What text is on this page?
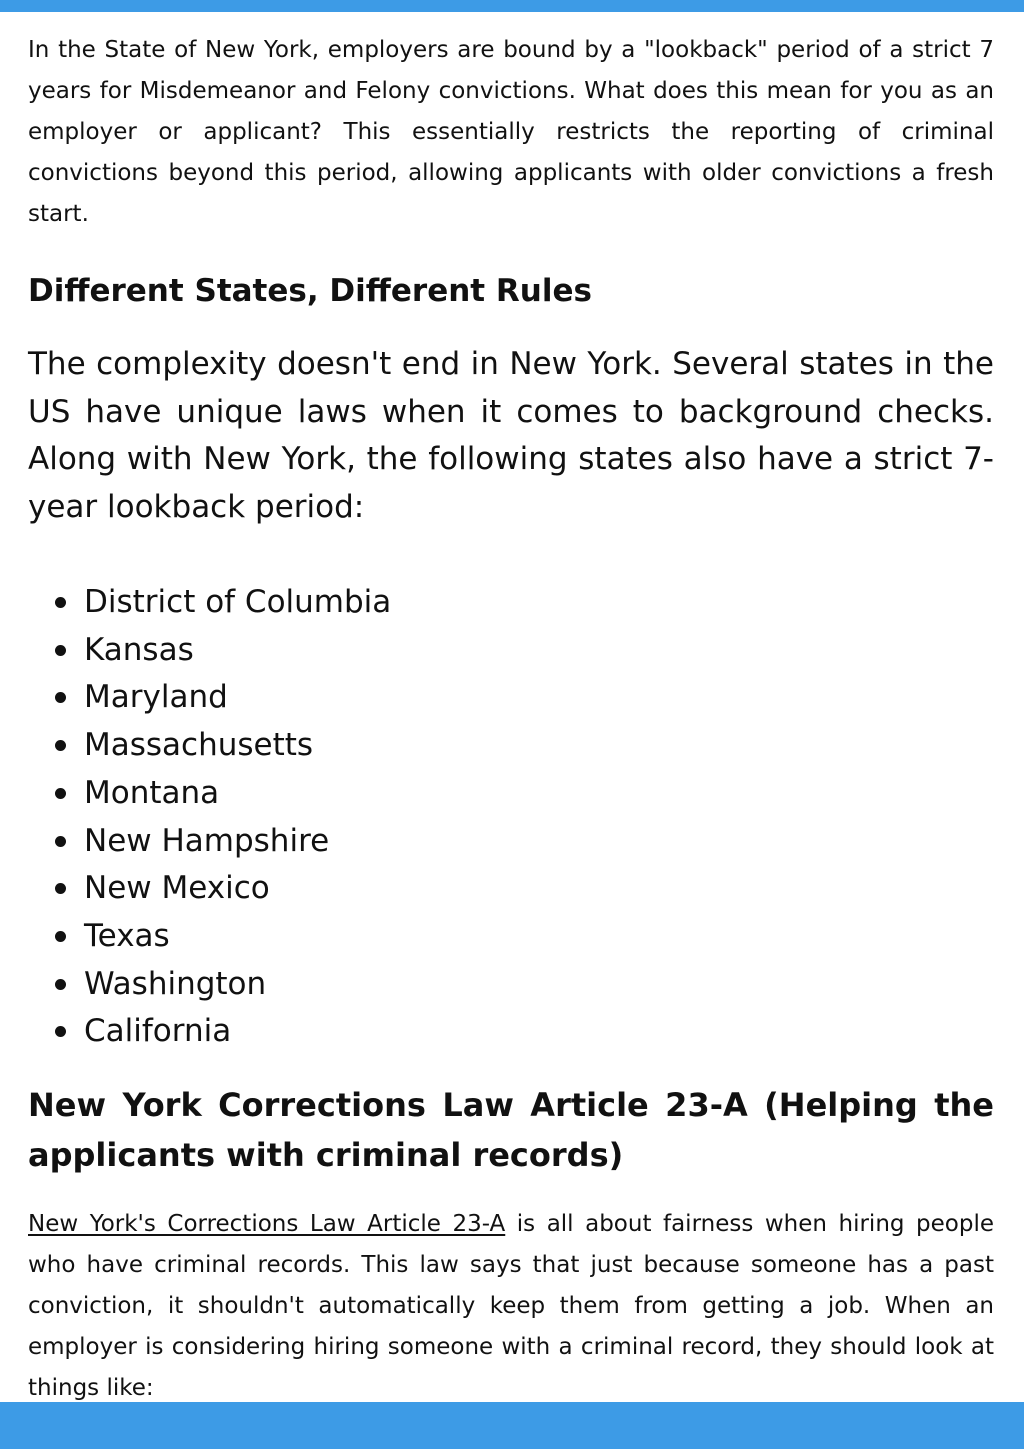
In the State of New York, employers are bound by a "lookback" period of a strict 7 years for Misdemeanor and Felony convictions. What does this mean for you as an employer or applicant? This essentially restricts the reporting of criminal convictions beyond this period, allowing applicants with older convictions a fresh start.

Different States, Different Rules

The complexity doesn't end in New York. Several states in the US have unique laws when it comes to background checks. Along with New York, the following states also have a strict 7-year lookback period:

District of Columbia
Kansas
Maryland
Massachusetts
Montana
New Hampshire
New Mexico
Texas
Washington
California
New York Corrections Law Article 23-A (Helping the applicants with criminal records)

New York's Corrections Law Article 23-A is all about fairness when hiring people who have criminal records. This law says that just because someone has a past conviction, it shouldn't automatically keep them from getting a job. When an employer is considering hiring someone with a criminal record, they should look at things like:
